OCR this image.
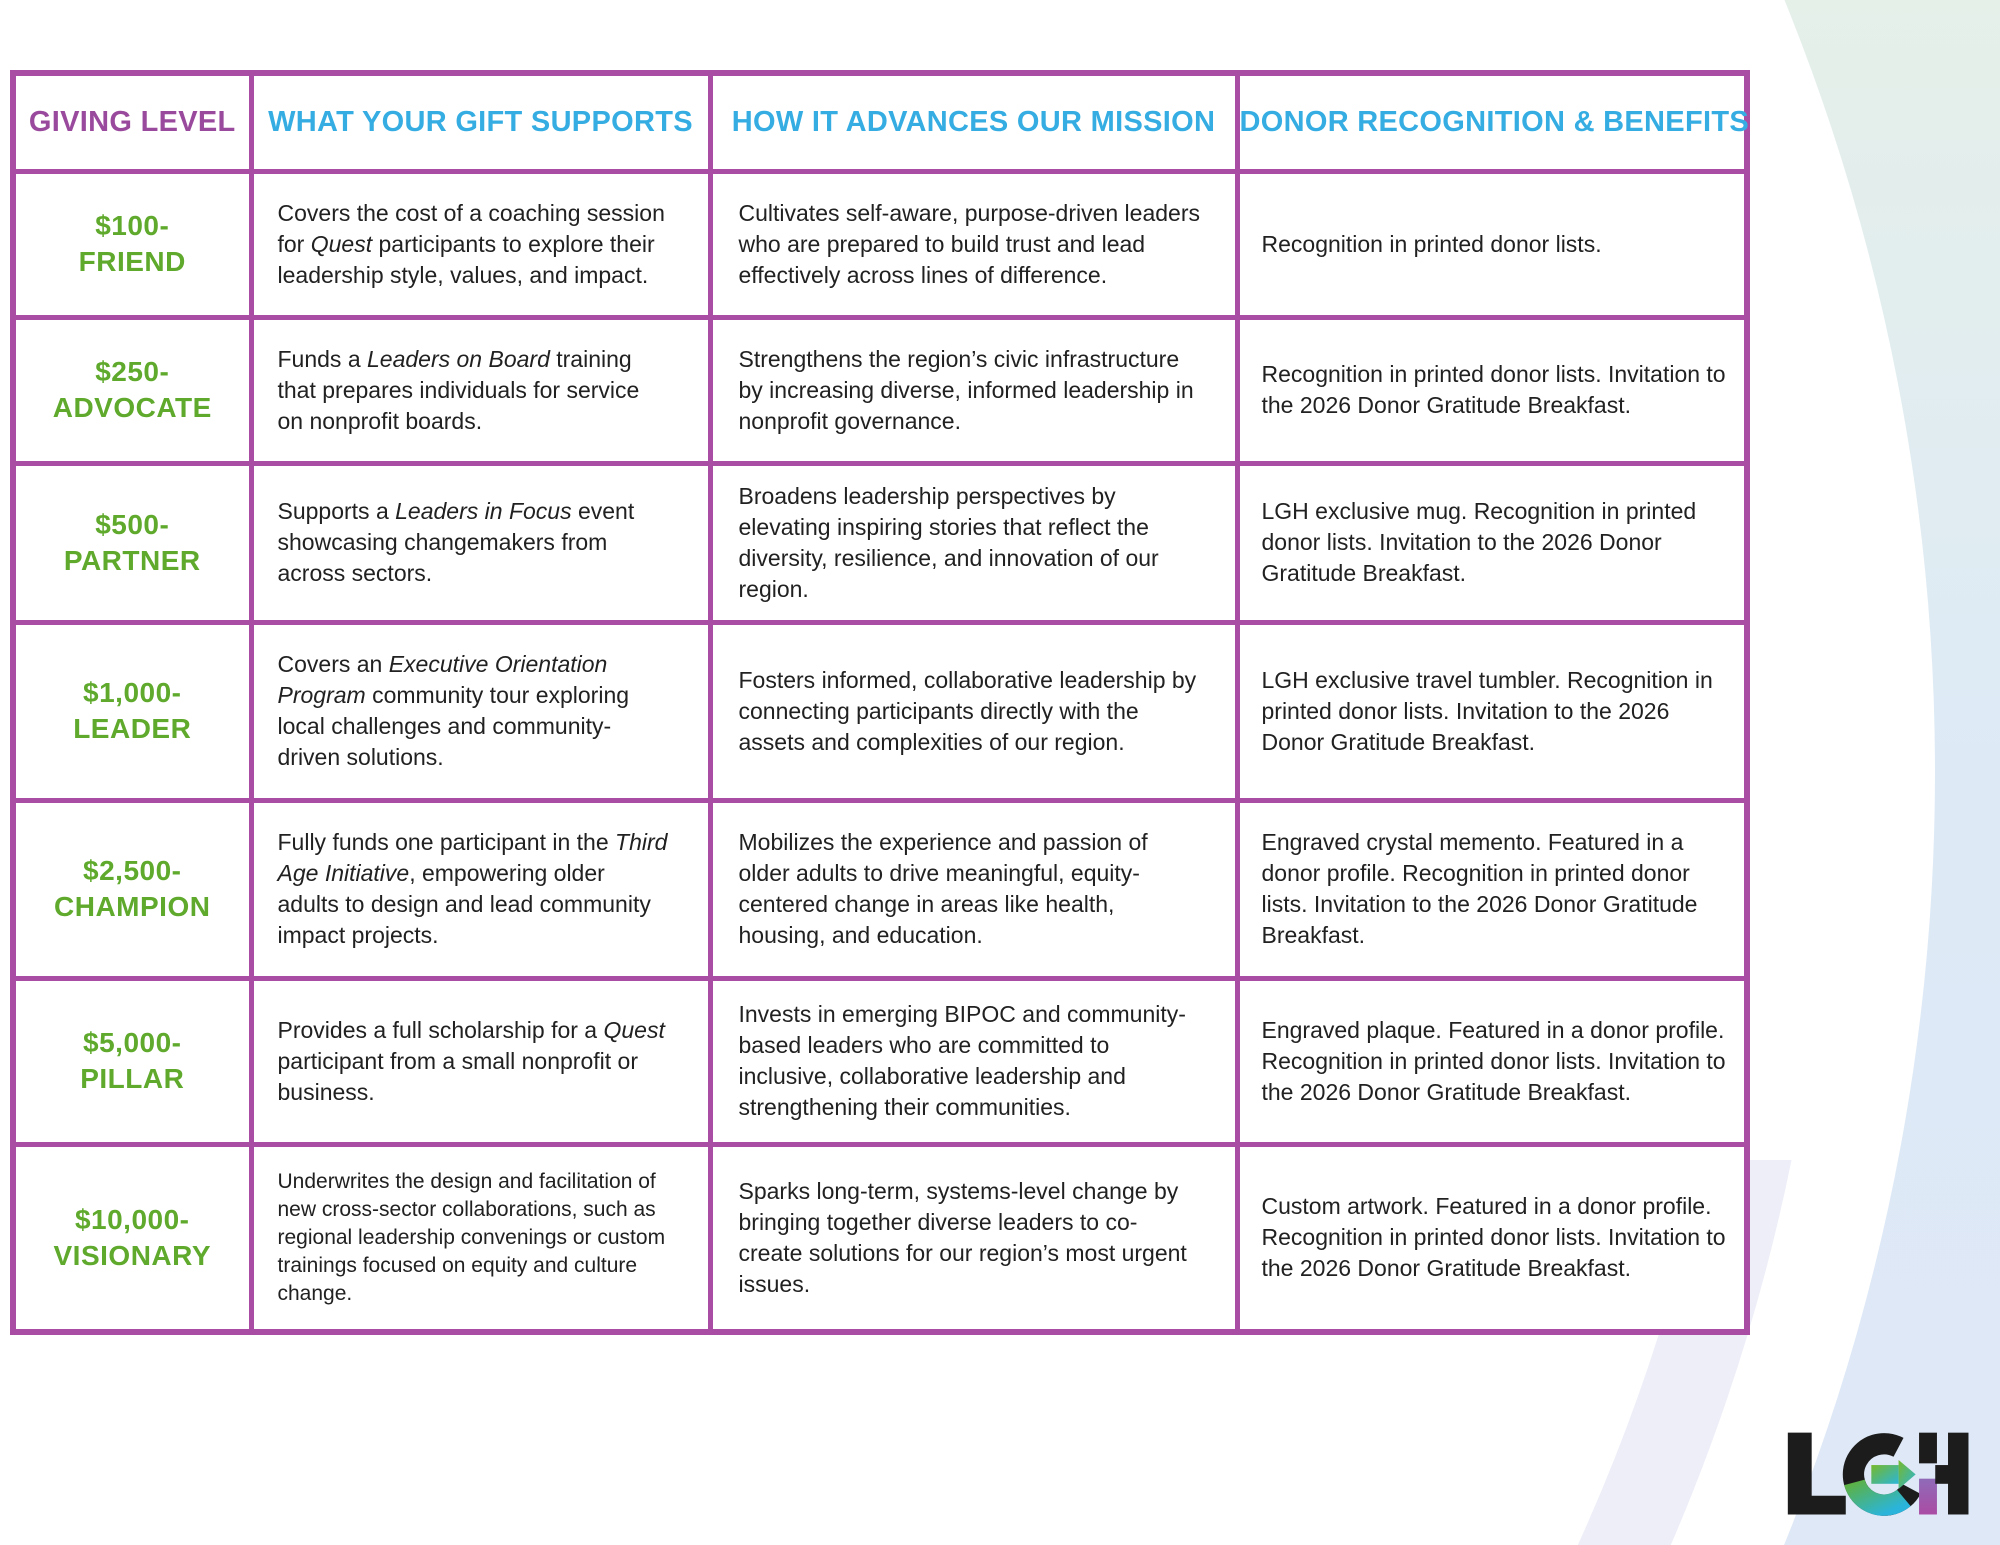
GIVING LEVEL	WHAT YOUR GIFT SUPPORTS	HOW IT ADVANCES OUR MISSION	DONOR RECOGNITION & BENEFITS

$100-
FRIEND	Covers the cost of a coaching session for Quest participants to explore their leadership style, values, and impact.	Cultivates self-aware, purpose-driven leaders who are prepared to build trust and lead effectively across lines of difference.	Recognition in printed donor lists.

$250-
ADVOCATE	Funds a Leaders on Board training that prepares individuals for service on nonprofit boards.	Strengthens the region’s civic infrastructure by increasing diverse, informed leadership in nonprofit governance.	Recognition in printed donor lists. Invitation to the 2026 Donor Gratitude Breakfast.

$500-
PARTNER	Supports a Leaders in Focus event showcasing changemakers from across sectors.	Broadens leadership perspectives by elevating inspiring stories that reflect the diversity, resilience, and innovation of our region.	LGH exclusive mug. Recognition in printed donor lists. Invitation to the 2026 Donor Gratitude Breakfast.

$1,000-
LEADER	Covers an Executive Orientation Program community tour exploring local challenges and community-driven solutions.	Fosters informed, collaborative leadership by connecting participants directly with the assets and complexities of our region.	LGH exclusive travel tumbler. Recognition in printed donor lists. Invitation to the 2026 Donor Gratitude Breakfast.

$2,500-
CHAMPION	Fully funds one participant in the Third Age Initiative, empowering older adults to design and lead community impact projects.	Mobilizes the experience and passion of older adults to drive meaningful, equity-centered change in areas like health, housing, and education.	Engraved crystal memento. Featured in a donor profile. Recognition in printed donor lists. Invitation to the 2026 Donor Gratitude Breakfast.

$5,000-
PILLAR	Provides a full scholarship for a Quest participant from a small nonprofit or business.	Invests in emerging BIPOC and community-based leaders who are committed to inclusive, collaborative leadership and strengthening their communities.	Engraved plaque. Featured in a donor profile. Recognition in printed donor lists. Invitation to the 2026 Donor Gratitude Breakfast.

$10,000-
VISIONARY	Underwrites the design and facilitation of new cross-sector collaborations, such as regional leadership convenings or custom trainings focused on equity and culture change.	Sparks long-term, systems-level change by bringing together diverse leaders to co-create solutions for our region’s most urgent issues.	Custom artwork. Featured in a donor profile. Recognition in printed donor lists. Invitation to the 2026 Donor Gratitude Breakfast.
